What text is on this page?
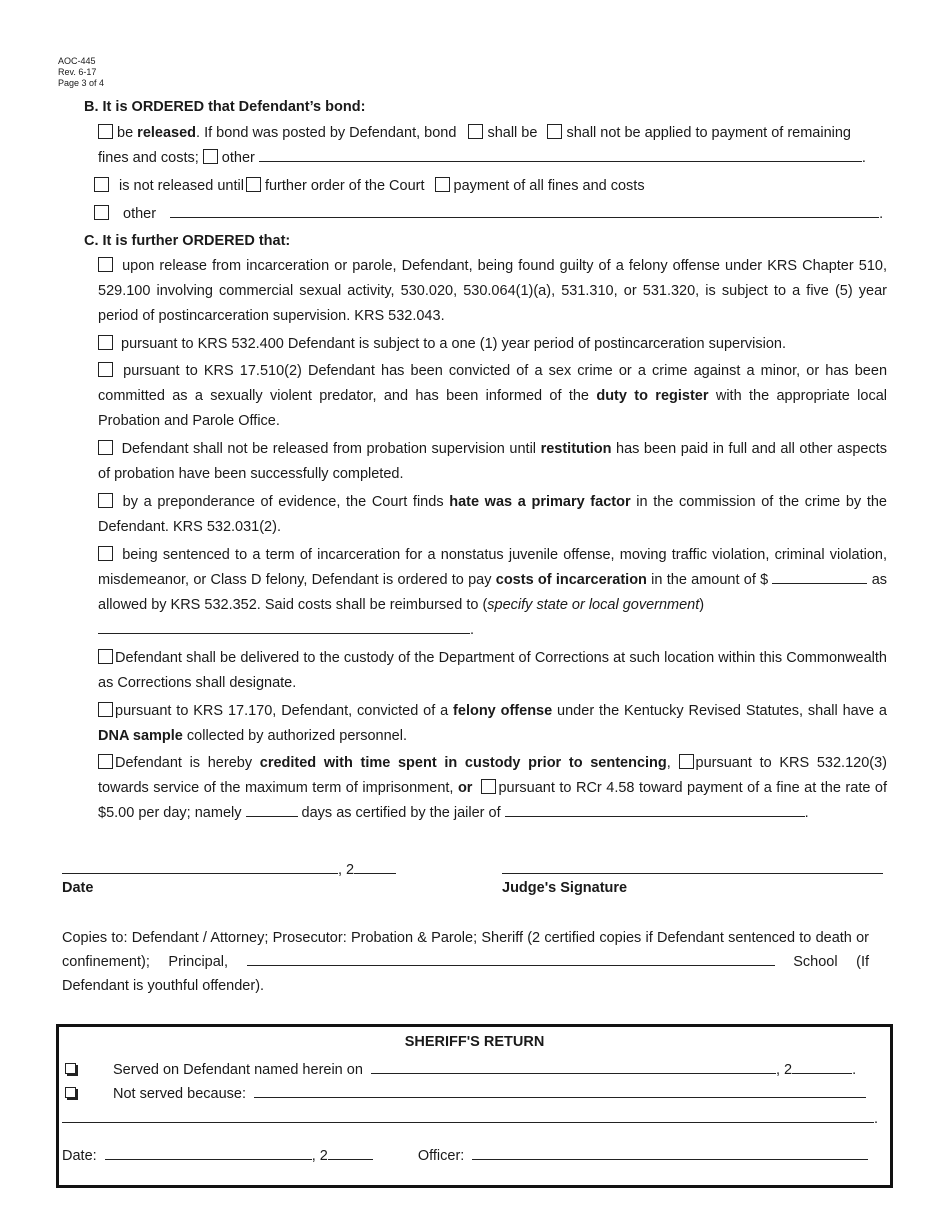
AOC-445
Rev. 6-17
Page 3 of 4
B. It is ORDERED that Defendant’s bond:
be released. If bond was posted by Defendant, bond shall be shall not be applied to payment of remaining
fines and costs; other	.
is not released until further order of the Court payment of all fines and costs
other	.
C. It is further ORDERED that:
upon release from incarceration or parole, Defendant, being found guilty of a felony offense under KRS Chapter 510, 529.100 involving commercial sexual activity, 530.020, 530.064(1)(a), 531.310, or 531.320, is subject to a five (5) year period of postincarceration supervision. KRS 532.043.
pursuant to KRS 532.400 Defendant is subject to a one (1) year period of postincarceration supervision.
pursuant to KRS 17.510(2) Defendant has been convicted of a sex crime or a crime against a minor, or has been committed as a sexually violent predator, and has been informed of the duty to register with the appropriate local Probation and Parole Office.
Defendant shall not be released from probation supervision until restitution has been paid in full and all other aspects of probation have been successfully completed.
by a preponderance of evidence, the Court finds hate was a primary factor in the commission of the crime by the Defendant. KRS 532.031(2).
being sentenced to a term of incarceration for a nonstatus juvenile offense, moving traffic violation, criminal violation, misdemeanor, or Class D felony, Defendant is ordered to pay costs of incarceration in the amount of $	as allowed by KRS 532.352. Said costs shall be reimbursed to (specify state or local government)
.
Defendant shall be delivered to the custody of the Department of Corrections at such location within this Commonwealth as Corrections shall designate.
pursuant to KRS 17.170, Defendant, convicted of a felony offense under the Kentucky Revised Statutes, shall have a DNA sample collected by authorized personnel.
Defendant is hereby credited with time spent in custody prior to sentencing, pursuant to KRS 532.120(3) towards service of the maximum term of imprisonment, or pursuant to RCr 4.58 toward payment of a fine at the rate of $5.00 per day; namely	days as certified by the jailer of	.
, 2
Date	Judge's Signature
Copies to: Defendant / Attorney; Prosecutor: Probation & Parole; Sheriff (2 certified copies if Defendant sentenced to death or confinement); Principal,	School (If Defendant is youthful offender).
SHERIFF'S RETURN
Served on Defendant named herein on	, 2	.
Not served because:
.
Date:	, 2	Officer:
